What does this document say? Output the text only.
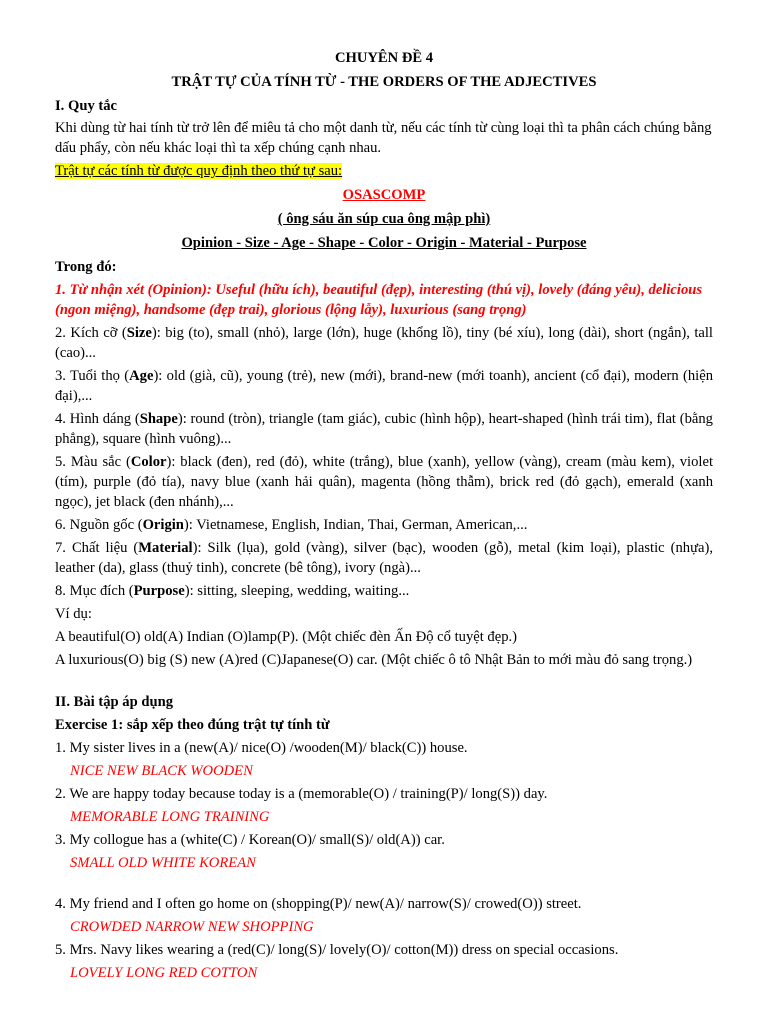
CHUYÊN ĐỀ 4

TRẬT TỰ CỦA TÍNH TỪ - THE ORDERS OF THE ADJECTIVES

I. Quy tắc

Khi dùng từ hai tính từ trở lên để miêu tả cho một danh từ, nếu các tính từ cùng loại thì ta phân cách chúng bằng dấu phẩy, còn nếu khác loại thì ta xếp chúng cạnh nhau.

Trật tự các tính từ được quy định theo thứ tự sau:

OSASCOMP

( ông sáu ăn súp cua ông mập phì)

Opinion - Size - Age - Shape - Color - Origin - Material - Purpose

Trong đó:

1. Từ nhận xét (Opinion): Useful (hữu ích), beautiful (đẹp), interesting (thú vị), lovely (đáng yêu), delicious (ngon miệng), handsome (đẹp trai), glorious (lộng lẫy), luxurious (sang trọng)

2. Kích cỡ (Size): big (to), small (nhỏ), large (lớn), huge (khổng lồ), tiny (bé xíu), long (dài), short (ngắn), tall (cao)...

3. Tuổi thọ (Age): old (già, cũ), young (trẻ), new (mới), brand-new (mới toanh), ancient (cổ đại), modern (hiện đại),...

4. Hình dáng (Shape): round (tròn), triangle (tam giác), cubic (hình hộp), heart-shaped (hình trái tim), flat (bằng phẳng), square (hình vuông)...

5. Màu sắc (Color): black (đen), red (đỏ), white (trắng), blue (xanh), yellow (vàng), cream (màu kem), violet (tím), purple (đỏ tía), navy blue (xanh hải quân), magenta (hồng thẫm), brick red (đỏ gạch), emerald (xanh ngọc), jet black (đen nhánh),...

6. Nguồn gốc (Origin): Vietnamese, English, Indian, Thai, German, American,...

7. Chất liệu (Material): Silk (lụa), gold (vàng), silver (bạc), wooden (gỗ), metal (kim loại), plastic (nhựa), leather (da), glass (thuỷ tinh), concrete (bê tông), ivory (ngà)...

8. Mục đích (Purpose): sitting, sleeping, wedding, waiting...

Ví dụ:

A beautiful(O) old(A) Indian (O)lamp(P). (Một chiếc đèn Ấn Độ cổ tuyệt đẹp.)

A luxurious(O) big (S) new (A)red (C)Japanese(O) car. (Một chiếc ô tô Nhật Bản to mới màu đỏ sang trọng.)

II. Bài tập áp dụng

Exercise 1: sắp xếp theo đúng trật tự tính từ

1. My sister lives in a (new(A)/ nice(O) /wooden(M)/ black(C)) house.

NICE NEW BLACK WOODEN

2. We are happy today because today is a (memorable(O) / training(P)/ long(S)) day.

MEMORABLE LONG TRAINING

3. My collogue has a (white(C) / Korean(O)/ small(S)/ old(A)) car.

SMALL OLD WHITE KOREAN

4. My friend and I often go home on (shopping(P)/ new(A)/ narrow(S)/ crowed(O)) street.

CROWDED NARROW NEW SHOPPING

5. Mrs. Navy likes wearing a (red(C)/ long(S)/ lovely(O)/ cotton(M)) dress on special occasions.

LOVELY LONG RED COTTON
